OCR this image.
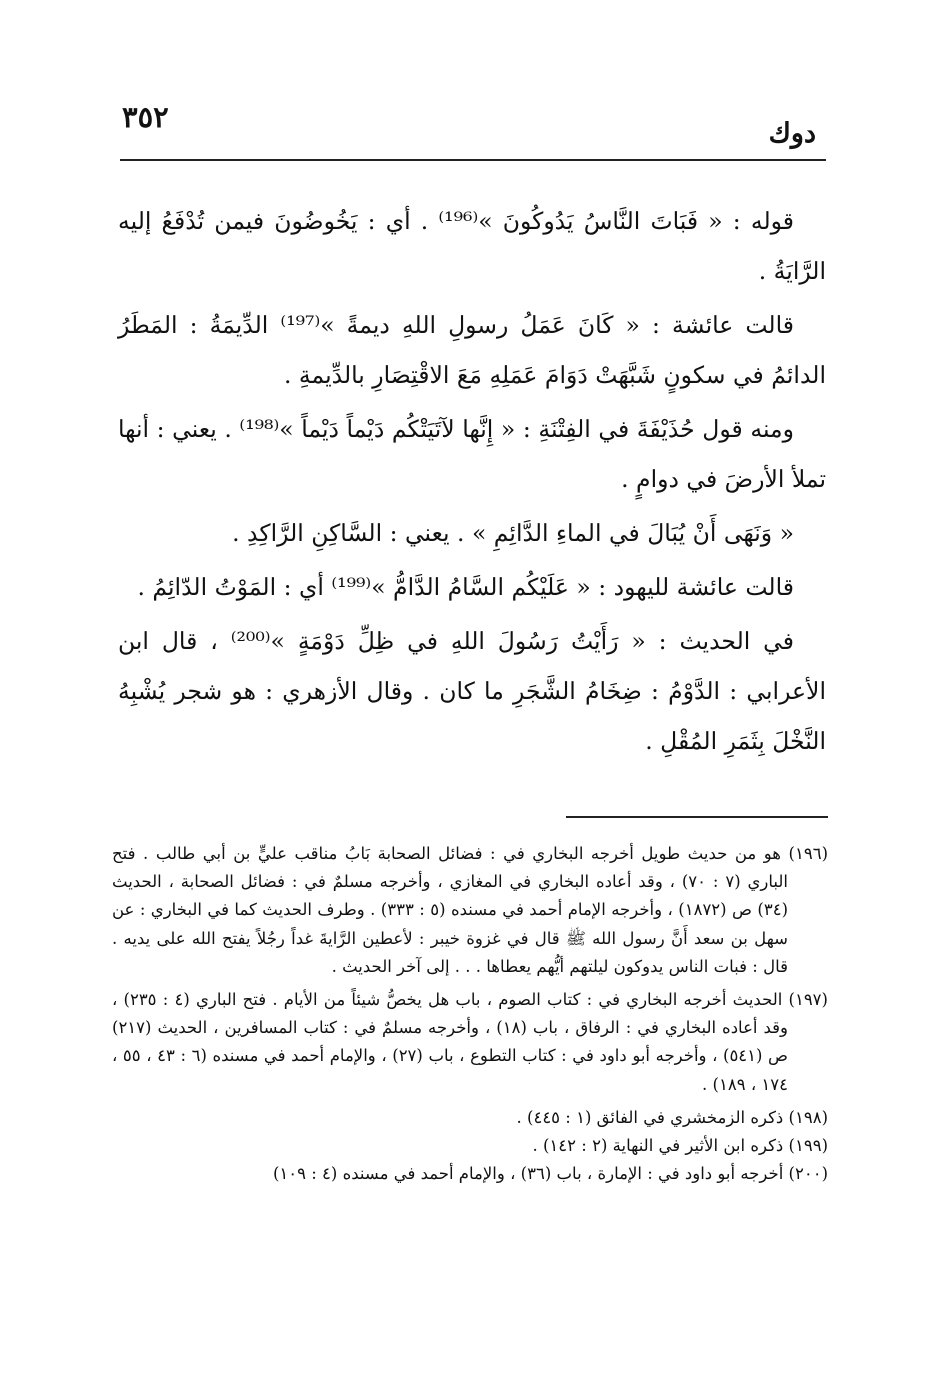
٣٥٢	دوك

قوله : « فَبَاتَ النَّاسُ يَدُوكُونَ »⁽¹⁹⁶⁾ . أي : يَخُوضُونَ فيمن تُدْفَعُ إليه الرَّايَةُ .

قالت عائشة : « كَانَ عَمَلُ رسولِ اللهِ ديمةً »⁽¹⁹⁷⁾ الدِّيمَةُ : المَطَرُ الدائمُ في سكونٍ شَبَّهَتْ دَوَامَ عَمَلِهِ مَعَ الاقْتِصَارِ بالدِّيمةِ .

ومنه قول حُذَيْفَةَ في الفِتْنَةِ : « إِنَّها لآتَيَتْكُم دَيْماً دَيْماً »⁽¹⁹⁸⁾ . يعني : أنها تملأ الأرضَ في دوامٍ .

« وَنَهَى أَنْ يُبَالَ في الماءِ الدَّائِمِ » . يعني : السَّاكِنِ الرَّاكِدِ .

قالت عائشة لليهود : « عَلَيْكُم السَّامُ الدَّامُّ »⁽¹⁹⁹⁾ أي : المَوْتُ الدّائِمُ .

في الحديث : « رَأَيْتُ رَسُولَ اللهِ في ظِلِّ دَوْمَةٍ »⁽²⁰⁰⁾ ، قال ابن الأعرابي : الدَّوْمُ : ضِخَامُ الشَّجَرِ ما كان . وقال الأزهري : هو شجر يُشْبِهُ النَّخْلَ بِثَمَرِ المُقْلِ .

(١٩٦) هو من حديث طويل أخرجه البخاري في : فضائل الصحابة بَابُ مناقب عليٍّ بن أبي طالب . فتح الباري (٧ : ٧٠) ، وقد أعاده البخاري في المغازي ، وأخرجه مسلمٌ في : فضائل الصحابة ، الحديث (٣٤) ص (١٨٧٢) ، وأخرجه الإمام أحمد في مسنده (٥ : ٣٣٣) . وطرف الحديث كما في البخاري : عن سهل بن سعد أَنَّ رسول الله ﷺ قال في غزوة خيبر : لأعطين الرَّايةَ غداً رجُلاً يفتح الله على يديه . قال : فبات الناس يدوكون ليلتهم أيُّهم يعطاها . . . إلى آخر الحديث .

(١٩٧) الحديث أخرجه البخاري في : كتاب الصوم ، باب هل يخصُّ شيئاً من الأيام . فتح الباري (٤ : ٢٣٥) ، وقد أعاده البخاري في : الرفاق ، باب (١٨) ، وأخرجه مسلمٌ في : كتاب المسافرين ، الحديث (٢١٧) ص (٥٤١) ، وأخرجه أبو داود في : كتاب التطوع ، باب (٢٧) ، والإمام أحمد في مسنده (٦ : ٤٣ ، ٥٥ ، ١٧٤ ، ١٨٩) .

(١٩٨) ذكره الزمخشري في الفائق (١ : ٤٤٥) .

(١٩٩) ذكره ابن الأثير في النهاية (٢ : ١٤٢) .

(٢٠٠) أخرجه أبو داود في : الإمارة ، باب (٣٦) ، والإمام أحمد في مسنده (٤ : ١٠٩)
